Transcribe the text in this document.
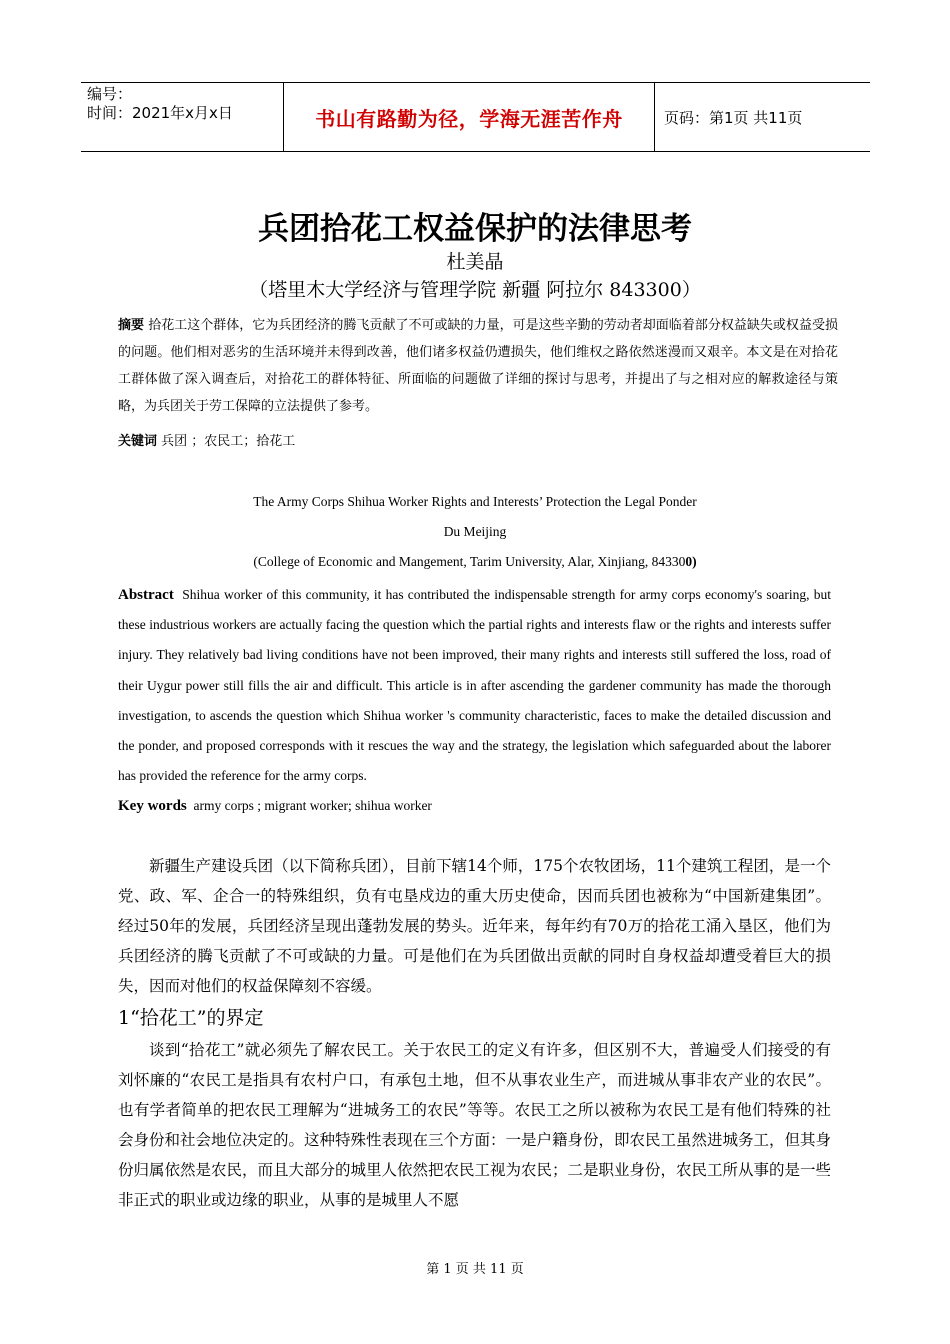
编号：
时间：2021年x月x日	书山有路勤为径，学海无涯苦作舟	页码：第1页 共11页
兵团拾花工权益保护的法律思考
杜美晶
（塔里木大学经济与管理学院 新疆 阿拉尔 843300）
摘要 拾花工这个群体，它为兵团经济的腾飞贡献了不可或缺的力量，可是这些辛勤的劳动者却面临着部分权益缺失或权益受损的问题。他们相对恶劣的生活环境并未得到改善，他们诸多权益仍遭损失，他们维权之路依然迷漫而又艰辛。本文是在对拾花工群体做了深入调查后，对拾花工的群体特征、所面临的问题做了详细的探讨与思考，并提出了与之相对应的解救途径与策略，为兵团关于劳工保障的立法提供了参考。
关键词 兵团 ；农民工；拾花工
The Army Corps Shihua Worker Rights and Interests’ Protection the Legal Ponder
Du Meijing
(College of Economic and Mangement, Tarim University, Alar, Xinjiang, 843300)
Abstract Shihua worker of this community, it has contributed the indispensable strength for army corps economy's soaring, but these industrious workers are actually facing the question which the partial rights and interests flaw or the rights and interests suffer injury. They relatively bad living conditions have not been improved, their many rights and interests still suffered the loss, road of their Uygur power still fills the air and difficult. This article is in after ascending the gardener community has made the thorough investigation, to ascends the question which Shihua worker 's community characteristic, faces to make the detailed discussion and the ponder, and proposed corresponds with it rescues the way and the strategy, the legislation which safeguarded about the laborer has provided the reference for the army corps.
Key words army corps ; migrant worker; shihua worker

新疆生产建设兵团（以下简称兵团），目前下辖14个师，175个农牧团场，11个建筑工程团，是一个党、政、军、企合一的特殊组织，负有屯垦戍边的重大历史使命，因而兵团也被称为“中国新建集团”。经过50年的发展，兵团经济呈现出蓬勃发展的势头。近年来，每年约有70万的拾花工涌入垦区，他们为兵团经济的腾飞贡献了不可或缺的力量。可是他们在为兵团做出贡献的同时自身权益却遭受着巨大的损失，因而对他们的权益保障刻不容缓。

1“拾花工”的界定

谈到“拾花工”就必须先了解农民工。关于农民工的定义有许多，但区别不大，普遍受人们接受的有刘怀廉的“农民工是指具有农村户口，有承包土地，但不从事农业生产，而进城从事非农产业的农民”。也有学者简单的把农民工理解为“进城务工的农民”等等。农民工之所以被称为农民工是有他们特殊的社会身份和社会地位决定的。这种特殊性表现在三个方面：一是户籍身份，即农民工虽然进城务工，但其身份归属依然是农民，而且大部分的城里人依然把农民工视为农民；二是职业身份，农民工所从事的是一些非正式的职业或边缘的职业，从事的是城里人不愿

第 1 页 共 11 页
